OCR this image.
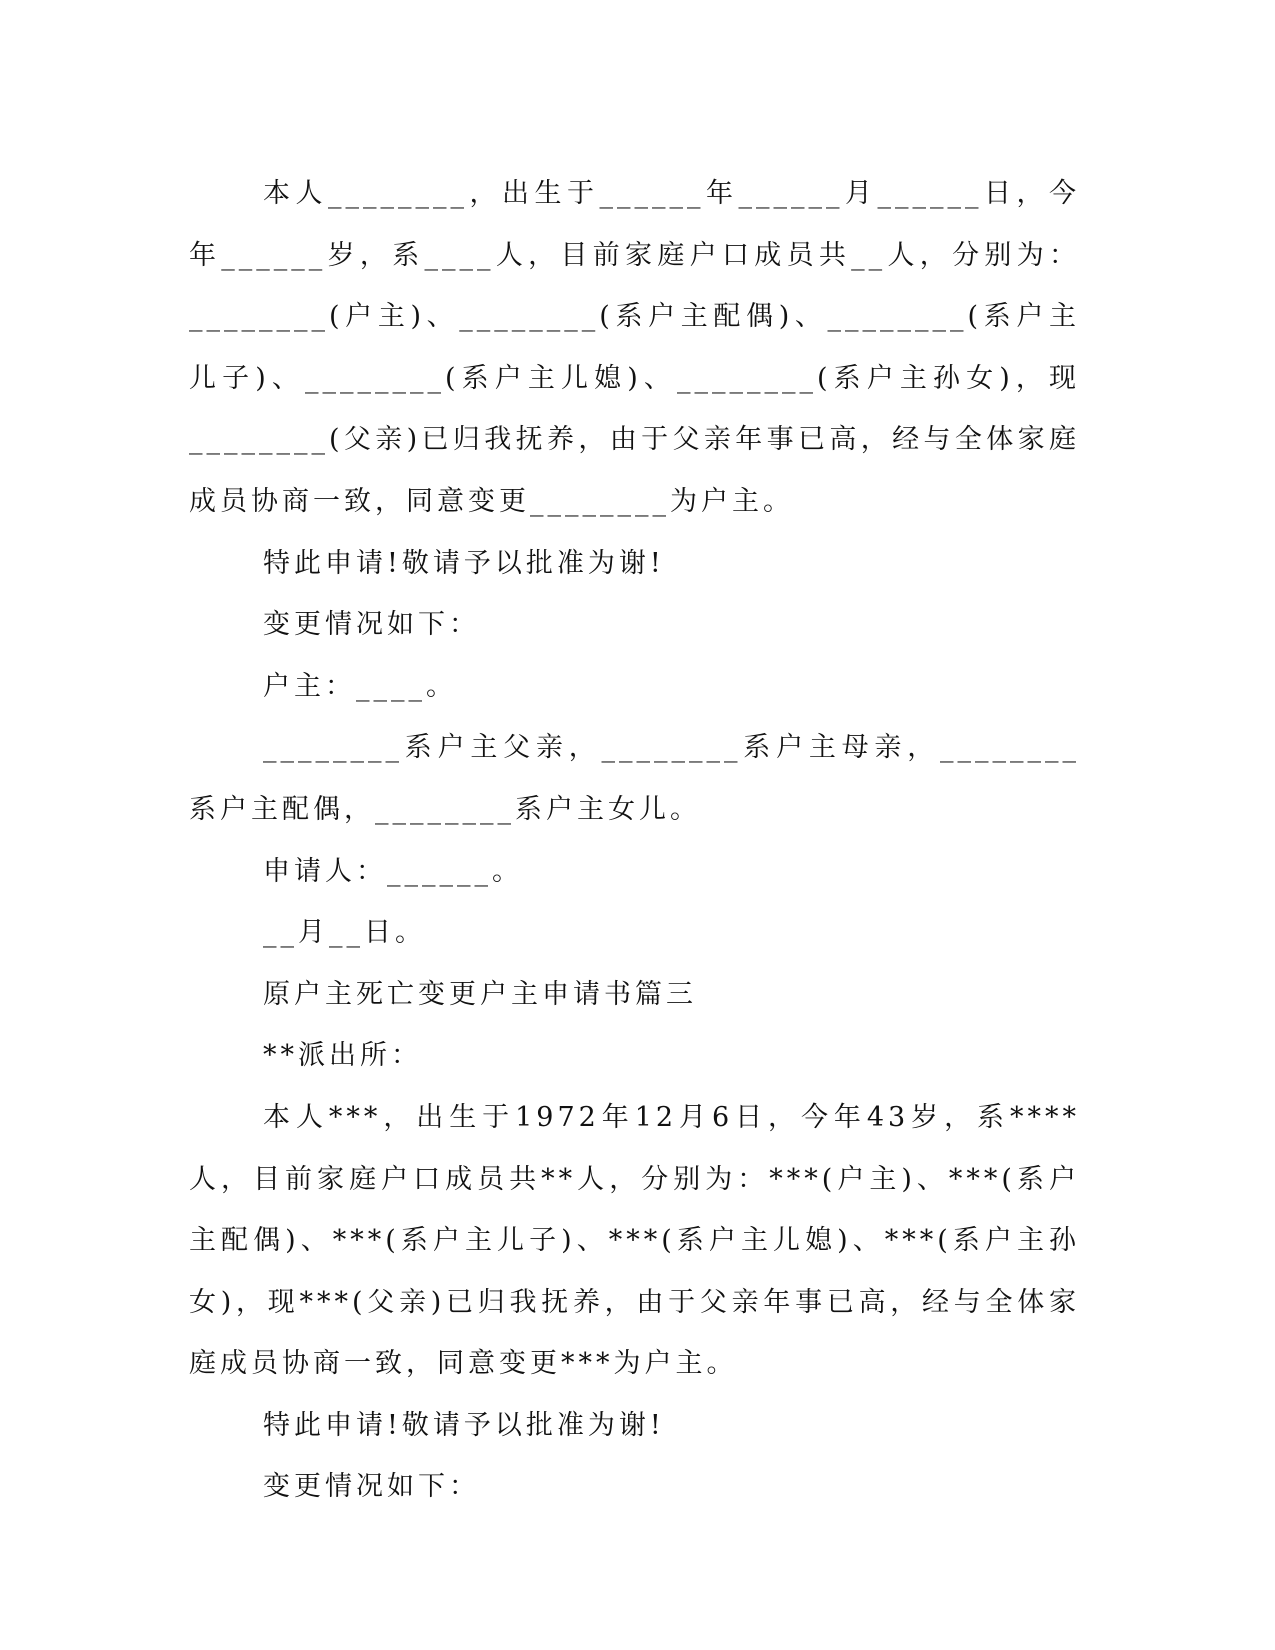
本人________，出生于______年______月______日，今年______岁，系____人，目前家庭户口成员共__人，分别为：________(户主)、________(系户主配偶)、________(系户主儿子)、________(系户主儿媳)、________(系户主孙女)，现________(父亲)已归我抚养，由于父亲年事已高，经与全体家庭成员协商一致，同意变更________为户主。

特此申请!敬请予以批准为谢!

变更情况如下：

户主：____。

________系户主父亲，________系户主母亲，________系户主配偶，________系户主女儿。

申请人：______。

__月__日。

原户主死亡变更户主申请书篇三

**派出所：

本人***，出生于1972年12月6日，今年43岁，系****人，目前家庭户口成员共**人，分别为：***(户主)、***(系户主配偶)、***(系户主儿子)、***(系户主儿媳)、***(系户主孙女)，现***(父亲)已归我抚养，由于父亲年事已高，经与全体家庭成员协商一致，同意变更***为户主。

特此申请!敬请予以批准为谢!

变更情况如下：
